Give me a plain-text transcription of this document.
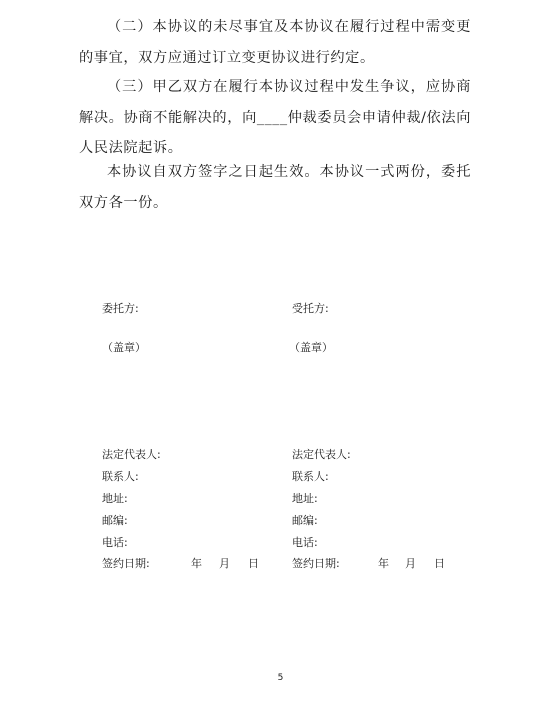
（二）本协议的未尽事宜及本协议在履行过程中需变更的事宜，双方应通过订立变更协议进行约定。

（三）甲乙双方在履行本协议过程中发生争议，应协商解决。协商不能解决的，向____仲裁委员会申请仲裁/依法向人民法院起诉。

本协议自双方签字之日起生效。本协议一式两份，委托双方各一份。

委托方:
（盖章）
法定代表人:
联系人:
地址:
邮编:
电话:
签约日期:	年 月 日
受托方:
（盖章）
法定代表人:
联系人:
地址:
邮编:
电话:
签约日期:	年 月 日
5
